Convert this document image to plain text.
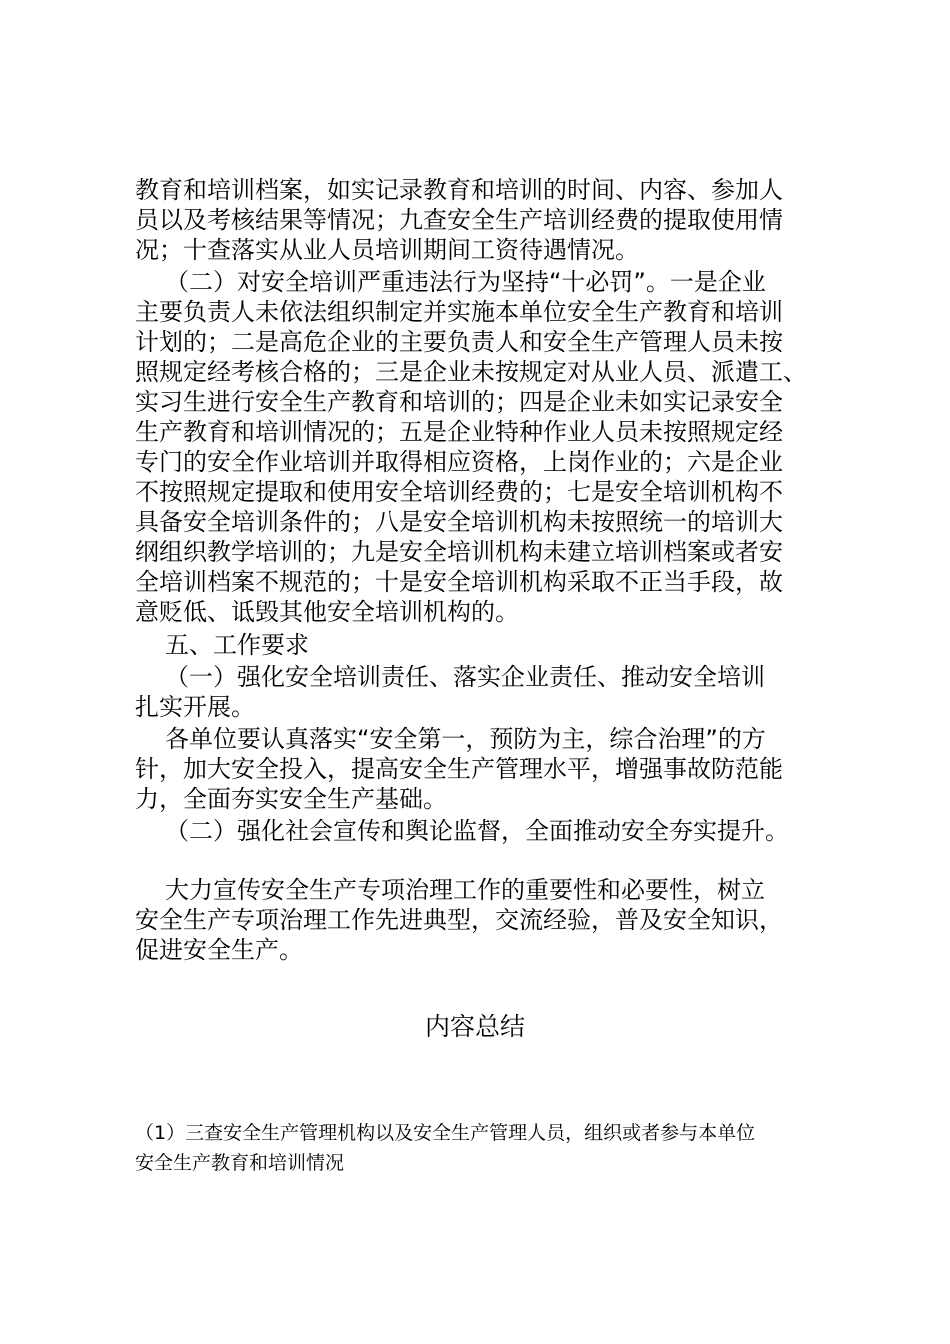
教育和培训档案，如实记录教育和培训的时间、内容、参加人
员以及考核结果等情况；九查安全生产培训经费的提取使用情
况；十查落实从业人员培训期间工资待遇情况。
（二）对安全培训严重违法行为坚持“十必罚”。一是企业
主要负责人未依法组织制定并实施本单位安全生产教育和培训
计划的；二是高危企业的主要负责人和安全生产管理人员未按
照规定经考核合格的；三是企业未按规定对从业人员、派遣工、
实习生进行安全生产教育和培训的；四是企业未如实记录安全
生产教育和培训情况的；五是企业特种作业人员未按照规定经
专门的安全作业培训并取得相应资格，上岗作业的；六是企业
不按照规定提取和使用安全培训经费的；七是安全培训机构不
具备安全培训条件的；八是安全培训机构未按照统一的培训大
纲组织教学培训的；九是安全培训机构未建立培训档案或者安
全培训档案不规范的；十是安全培训机构采取不正当手段，故
意贬低、诋毁其他安全培训机构的。
五、工作要求
（一）强化安全培训责任、落实企业责任、推动安全培训
扎实开展。
各单位要认真落实“安全第一，预防为主，综合治理”的方
针，加大安全投入，提高安全生产管理水平，增强事故防范能
力，全面夯实安全生产基础。
（二）强化社会宣传和舆论监督，全面推动安全夯实提升。
大力宣传安全生产专项治理工作的重要性和必要性，树立
安全生产专项治理工作先进典型，交流经验，普及安全知识，
促进安全生产。
内容总结
（1）三查安全生产管理机构以及安全生产管理人员，组织或者参与本单位
安全生产教育和培训情况
